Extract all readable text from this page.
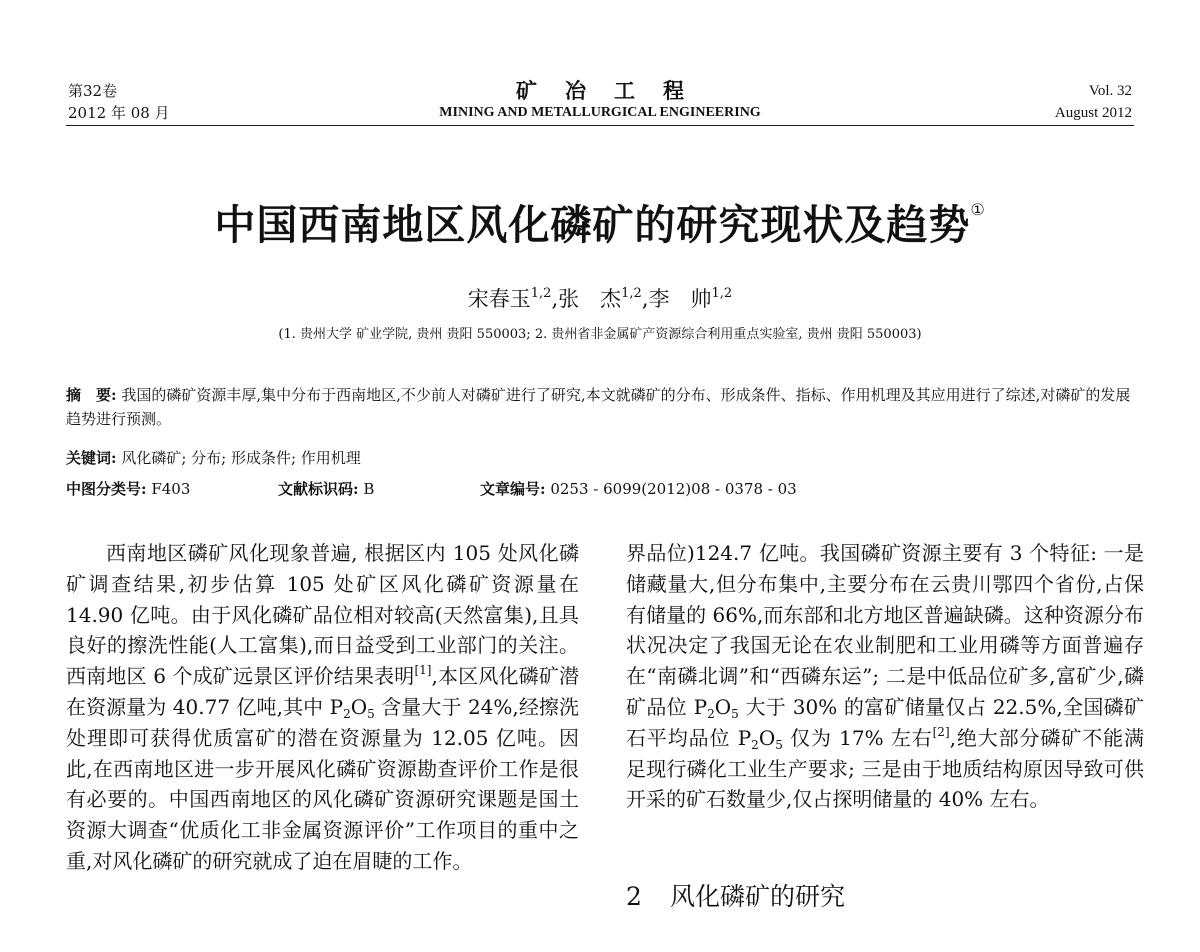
第32卷
2012 年 08 月
矿冶工程
MINING AND METALLURGICAL ENGINEERING
Vol. 32
August 2012
中国西南地区风化磷矿的研究现状及趋势①
宋春玉$^{1,2}$,张　杰$^{1,2}$,李　帅$^{1,2}$
(1. 贵州大学 矿业学院, 贵州 贵阳 550003; 2. 贵州省非金属矿产资源综合利用重点实验室, 贵州 贵阳 550003)
摘　要: 我国的磷矿资源丰厚,集中分布于西南地区,不少前人对磷矿进行了研究,本文就磷矿的分布、形成条件、指标、作用机理及其应用进行了综述,对磷矿的发展趋势进行预测。
关键词: 风化磷矿; 分布; 形成条件; 作用机理
中图分类号: F403	文献标识码: B	文章编号: 0253 - 6099(2012)08 - 0378 - 03

西南地区磷矿风化现象普遍, 根据区内 105 处风化磷矿调查结果,初步估算 105 处矿区风化磷矿资源量在 14.90 亿吨。由于风化磷矿品位相对较高(天然富集),且具良好的擦洗性能(人工富集),而日益受到工业部门的关注。西南地区 6 个成矿远景区评价结果表明[1],本区风化磷矿潜在资源量为 40.77 亿吨,其中 $P_2O_5$ 含量大于 24%,经擦洗处理即可获得优质富矿的潜在资源量为 12.05 亿吨。因此,在西南地区进一步开展风化磷矿资源勘查评价工作是很有必要的。中国西南地区的风化磷矿资源研究课题是国土资源大调查“优质化工非金属资源评价”工作项目的重中之重,对风化磷矿的研究就成了迫在眉睫的工作。

界品位)124.7 亿吨。我国磷矿资源主要有 3 个特征: 一是储藏量大,但分布集中,主要分布在云贵川鄂四个省份,占保有储量的 66%,而东部和北方地区普遍缺磷。这种资源分布状况决定了我国无论在农业制肥和工业用磷等方面普遍存在“南磷北调”和“西磷东运”; 二是中低品位矿多,富矿少,磷矿品位 $P_2O_5$ 大于 30% 的富矿储量仅占 22.5%,全国磷矿石平均品位 $P_2O_5$ 仅为 17% 左右[2],绝大部分磷矿不能满足现行磷化工业生产要求; 三是由于地质结构原因导致可供开采的矿石数量少,仅占探明储量的 40% 左右。

2 风化磷矿的研究
